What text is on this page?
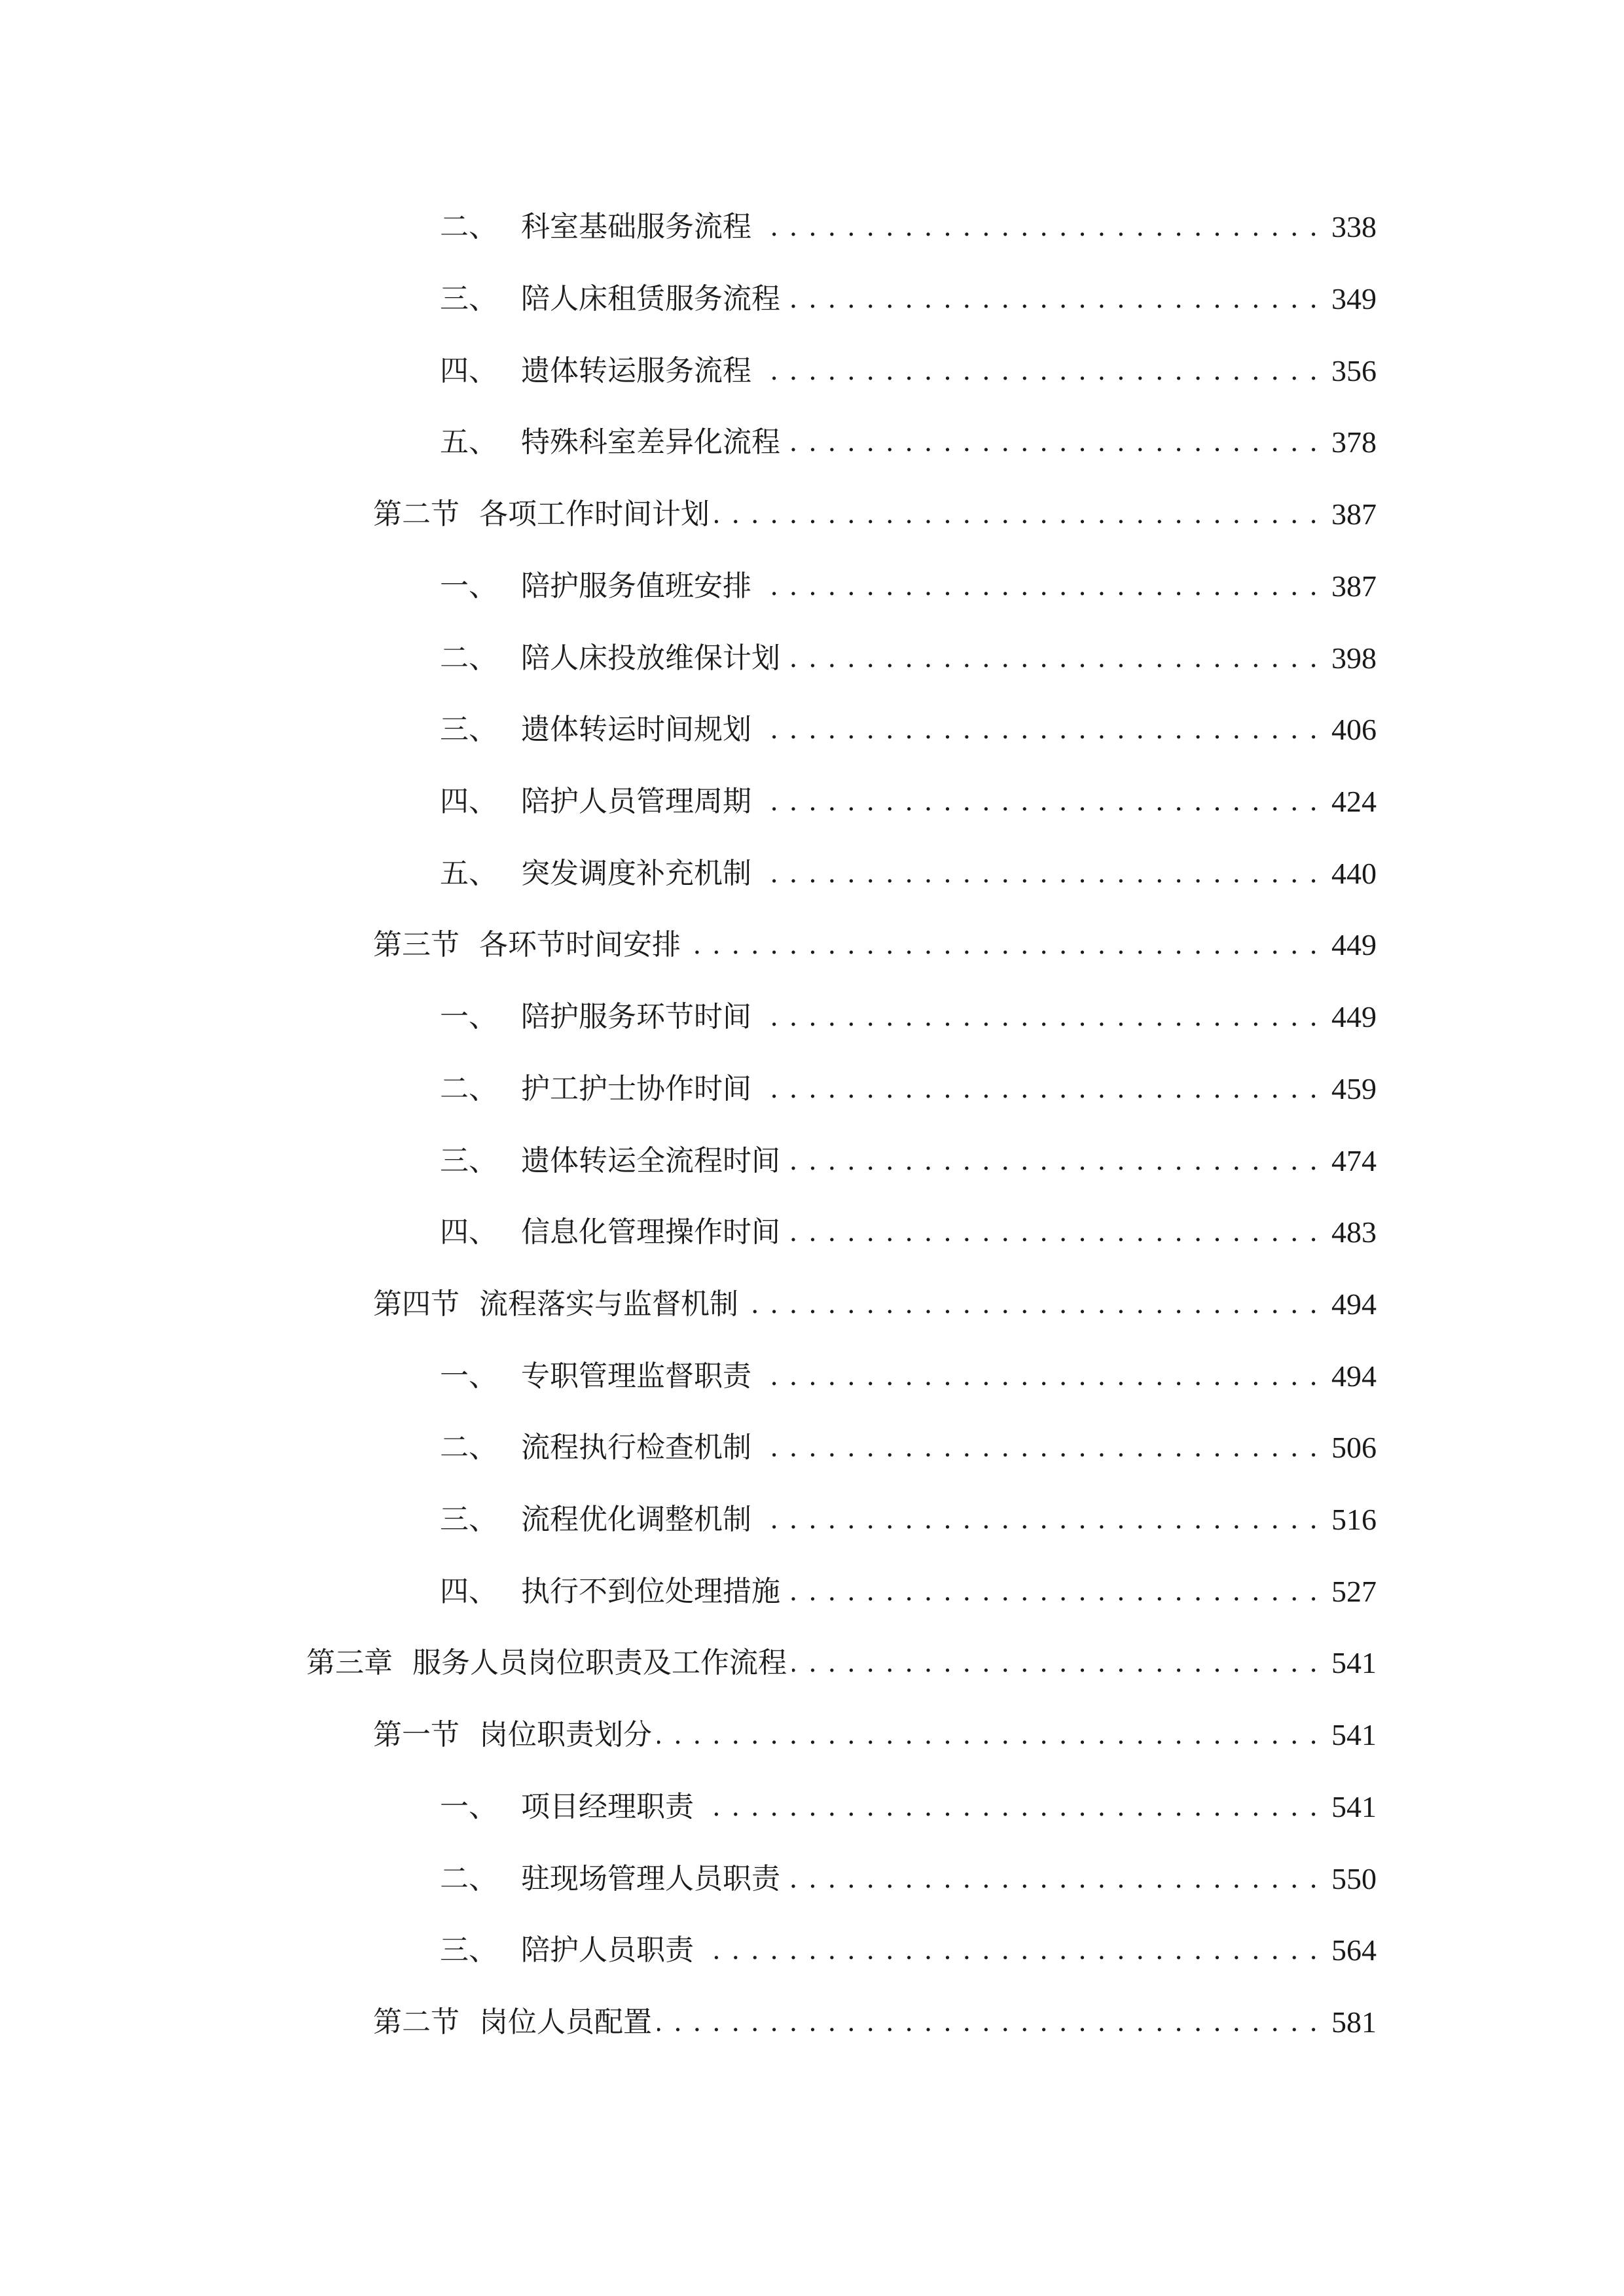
二、 科室基础服务流程 . . .	338
三、 陪人床租赁服务流程 . . .	349
四、 遗体转运服务流程 . . .	356
五、 特殊科室差异化流程 . . .	378
第二节 各项工作时间计划 . . .	387
一、 陪护服务值班安排 . . .	387
二、 陪人床投放维保计划 . . .	398
三、 遗体转运时间规划 . . .	406
四、 陪护人员管理周期 . . .	424
五、 突发调度补充机制 . . .	440
第三节 各环节时间安排 . . .	449
一、 陪护服务环节时间 . . .	449
二、 护工护士协作时间 . . .	459
三、 遗体转运全流程时间 . . .	474
四、 信息化管理操作时间 . . .	483
第四节 流程落实与监督机制 . . .	494
一、 专职管理监督职责 . . .	494
二、 流程执行检查机制 . . .	506
三、 流程优化调整机制 . . .	516
四、 执行不到位处理措施 . . .	527
第三章 服务人员岗位职责及工作流程 . . .	541
第一节 岗位职责划分 . . .	541
一、 项目经理职责 . . .	541
二、 驻现场管理人员职责 . . .	550
三、 陪护人员职责 . . .	564
第二节 岗位人员配置 . . .	581
